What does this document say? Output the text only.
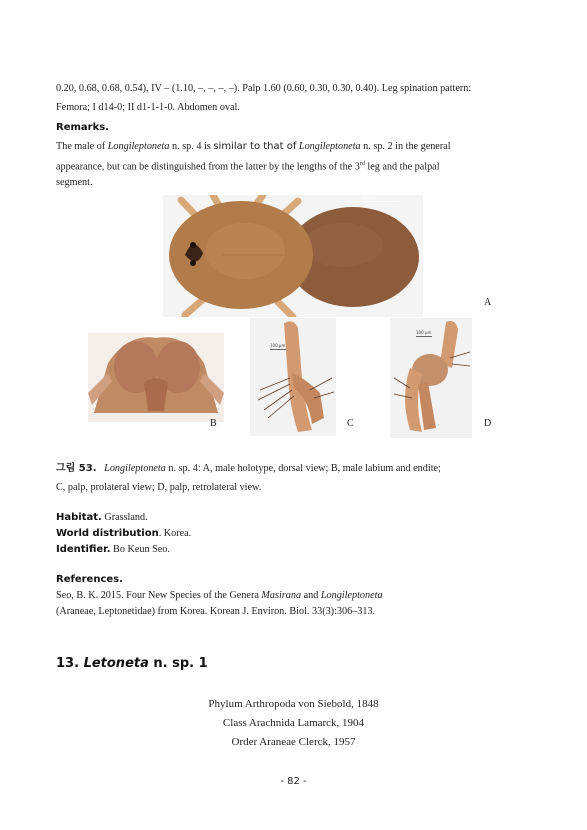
0.20, 0.68, 0.68, 0.54), IV – (1.10, –, –, –, –). Palp 1.60 (0.60, 0.30, 0.30, 0.40). Leg spination pattern:
Femora; I d14-0; II d1-1-1-0. Abdomen oval.
Remarks.
The male of Longileptoneta n. sp. 4 is similar to that of Longileptoneta n. sp. 2 in the general
appearance, but can be distinguished from the latter by the lengths of the 3rd leg and the palpal
segment.
500 μm
A
B
100 μm
C
100 μm
D
그림 53. Longileptoneta n. sp. 4: A, male holotype, dorsal view; B, male labium and endite;
C, palp, prolateral view; D, palp, retrolateral view.
Habitat. Grassland.
World distribution. Korea.
Identifier. Bo Keun Seo.
References.
Seo, B. K. 2015. Four New Species of the Genera Masirana and Longileptoneta
(Araneae, Leptonetidae) from Korea. Korean J. Environ. Biol. 33(3):306–313.
13. Letoneta n. sp. 1
Phylum Arthropoda von Siebold, 1848
Class Arachnida Lamarck, 1904
Order Araneae Clerck, 1957
- 82 -
